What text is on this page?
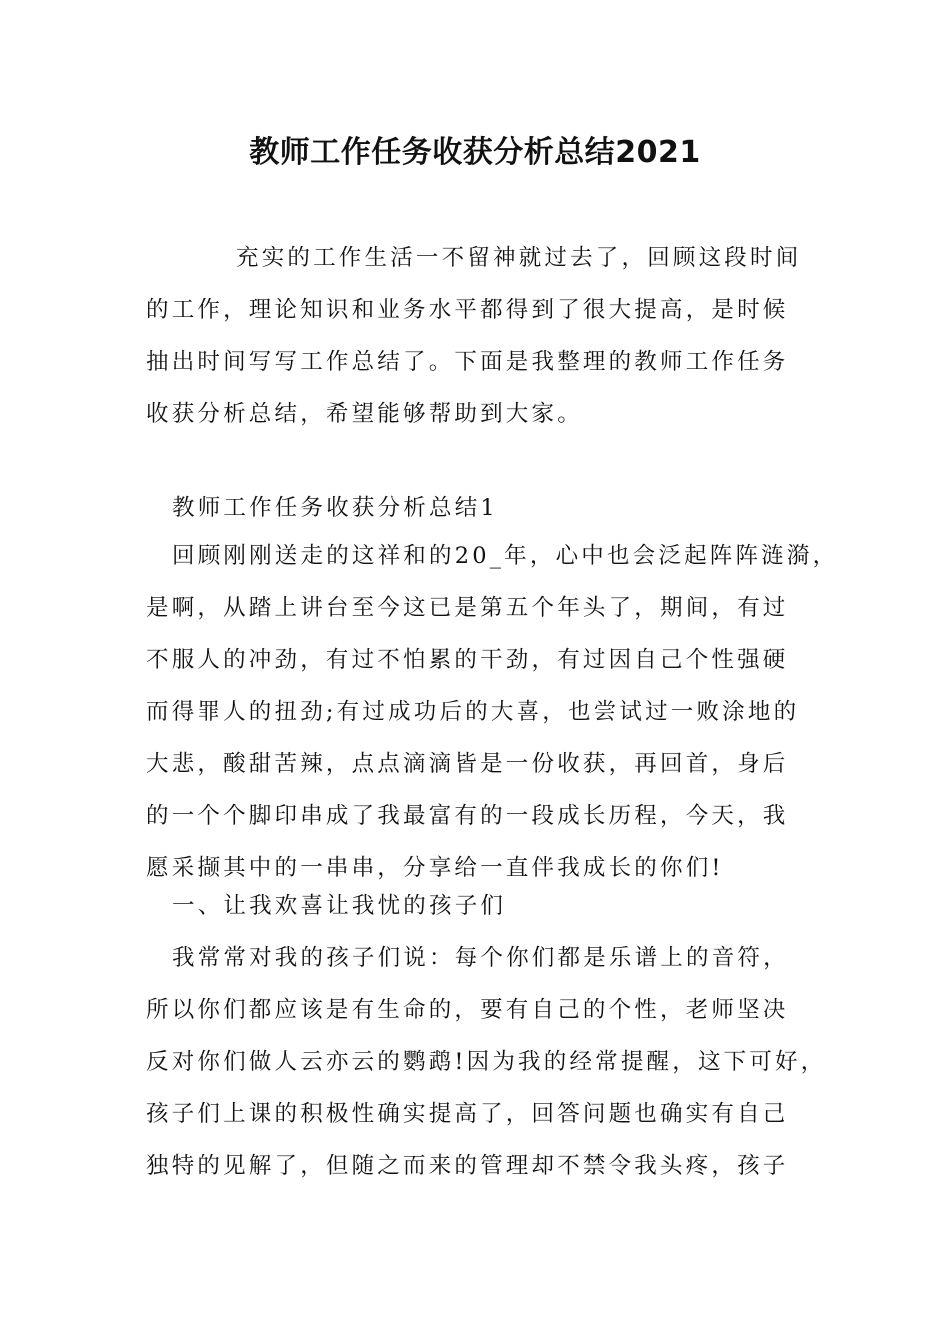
教师工作任务收获分析总结2021
充实的工作生活一不留神就过去了，回顾这段时间
的工作，理论知识和业务水平都得到了很大提高，是时候
抽出时间写写工作总结了。下面是我整理的教师工作任务
收获分析总结，希望能够帮助到大家。
教师工作任务收获分析总结1
回顾刚刚送走的这祥和的20_年，心中也会泛起阵阵涟漪，
是啊，从踏上讲台至今这已是第五个年头了，期间，有过
不服人的冲劲，有过不怕累的干劲，有过因自己个性强硬
而得罪人的扭劲;有过成功后的大喜，也尝试过一败涂地的
大悲，酸甜苦辣，点点滴滴皆是一份收获，再回首，身后
的一个个脚印串成了我最富有的一段成长历程，今天，我
愿采撷其中的一串串，分享给一直伴我成长的你们!
一、让我欢喜让我忧的孩子们
我常常对我的孩子们说：每个你们都是乐谱上的音符，
所以你们都应该是有生命的，要有自己的个性，老师坚决
反对你们做人云亦云的鹦鹉!因为我的经常提醒，这下可好，
孩子们上课的积极性确实提高了，回答问题也确实有自己
独特的见解了，但随之而来的管理却不禁令我头疼，孩子
